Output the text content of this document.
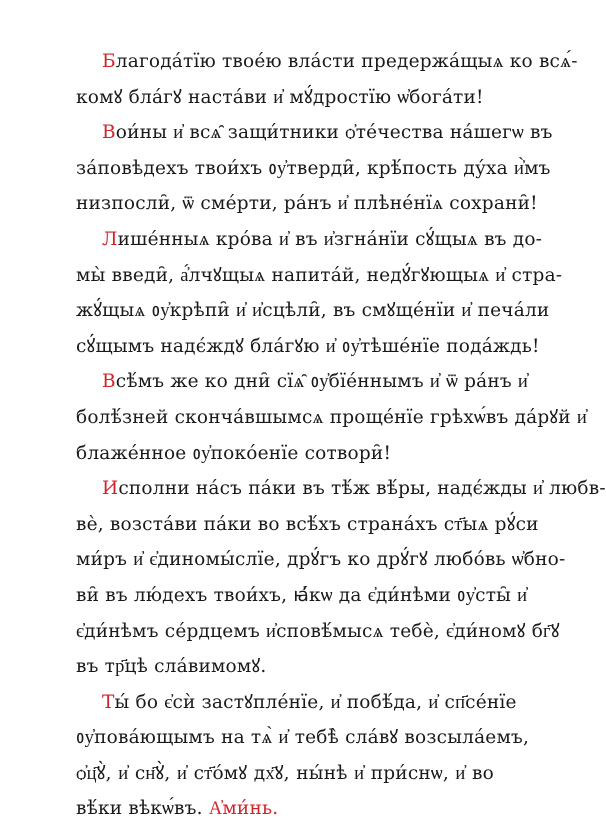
Благода́тїю твое́ю вла́сти предержа́щыѧ ко всѧ́-
комꙋ бла́гꙋ наста́ви и҆ мꙋ́дростїю ѡ҆бога́ти!
Вои́ны и҆ всѧ̑ защи́тники ѻ҆те́чества на́шегѡ въ
за́повѣдехъ твои́хъ ᲂу҆тверди̑, крѣ́пость ду́ха и҆̀мъ
низпосли̑, ѿ сме́рти, ра́нъ и҆ плѣне́нїѧ сохрани̑!
Лише́нныѧ кро́ва и҆ въ и҆згна́нїи сꙋ́щыѧ въ до-
мы̀ введи̑, а҆́лчꙋщыѧ напита́й, недꙋ́гꙋющыѧ и҆ стра-
жꙋ́щыѧ ᲂу҆крѣпи̑ и҆ и҆сцѣли̑, въ смꙋще́нїи и҆ печа́ли
сꙋ́щымъ надє́ждꙋ бла́гꙋю и҆ ᲂу҆тѣше́нїе пода́ждь!
Всѣ́мъ же ко дни̑ сїѧ̑ ᲂу҆бїе́ннымъ и҆ ѿ ра́нъ и҆
болѣ́зней сконча́вшымсѧ проще́нїе грѣхѡ́въ да́рꙋй и҆
блаже́нное ᲂу҆поко́енїе сотвори̑!
Исполни на́съ па́ки въ тѣ́ж вѣ́ры, надє́жды и҆ любв-
вѐ, возста́ви па́ки во всѣ́хъ страна́хъ ст҃ыѧ рꙋ́си
ми́ръ и҆ є҆диномы́слїе, дрꙋ́гъ ко дрꙋ́гꙋ любо́вь ѡ҆бно-
ви̑ въ лю́дехъ твои́хъ, ꙗ҆́кѡ да є҆ди́нѣми ᲂу҆сты̑ и҆
є҆ди́нѣмъ се́рдцемъ и҆сповѣ́мысѧ тебѐ, є҆ди́номꙋ бг҃ꙋ
въ тр҃цѣ сла́вимомꙋ.
Ты́ бо є҆сѝ застꙋпле́нїе, и҆ побѣ́да, и҆ сп҃се́нїе
ᲂу҆пова́ющымъ на тѧ̀ и҆ тебѣ̀ сла́вꙋ возсыла́емъ,
ѻ҆ц҃ꙋ̀, и҆ сн҃ꙋ̀, и҆ ст҃о́мꙋ дх҃ꙋ, ны́нѣ и҆ при́снѡ, и҆ во
вѣ́ки вѣкѡ́въ. А҆ми́нь.
